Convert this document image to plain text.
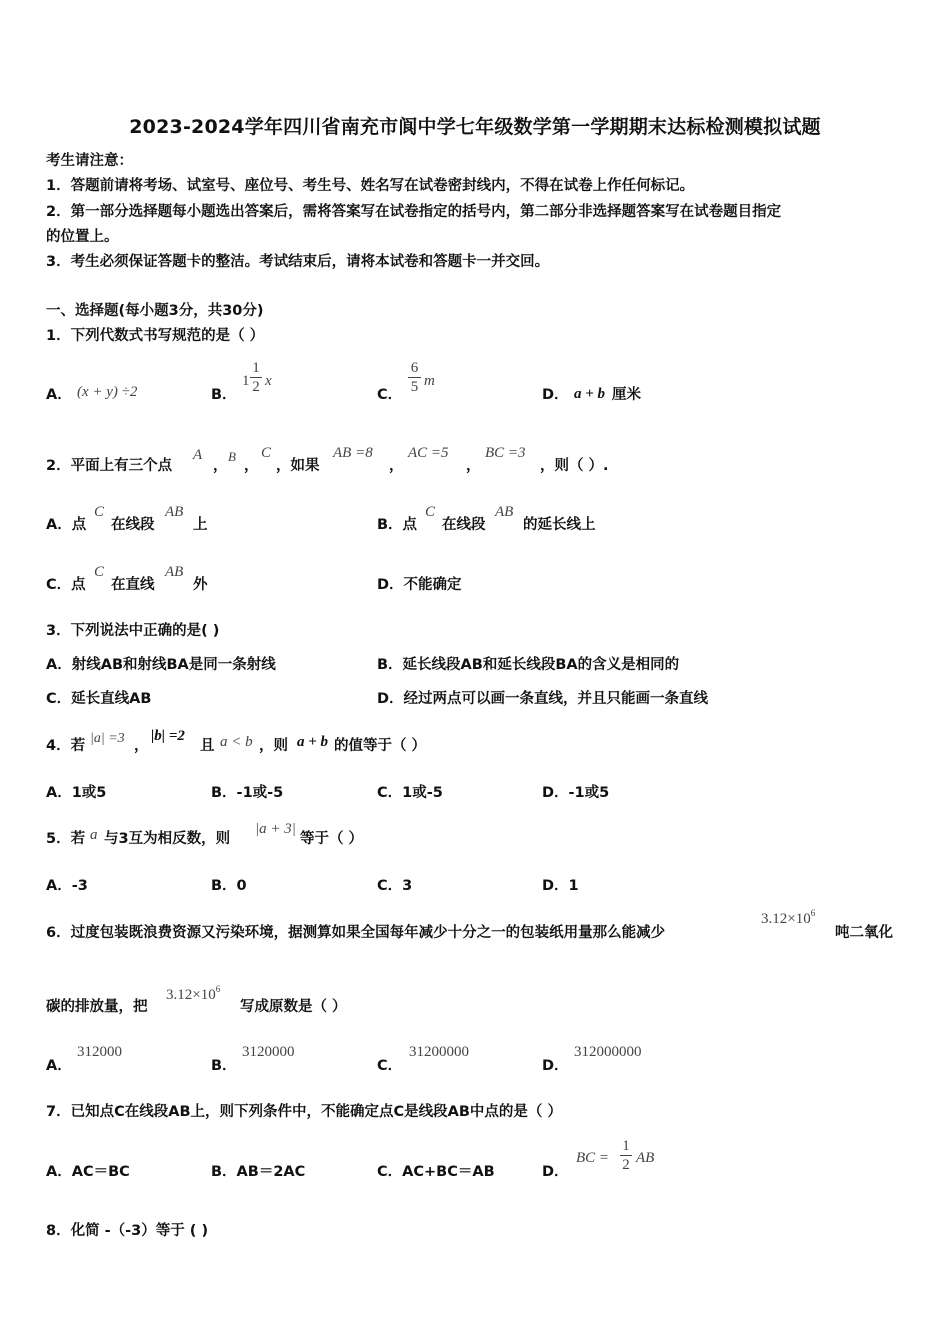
2023-2024学年四川省南充市阆中学七年级数学第一学期期末达标检测模拟试题
考生请注意：
1．答题前请将考场、试室号、座位号、考生号、姓名写在试卷密封线内，不得在试卷上作任何标记。
2．第一部分选择题每小题选出答案后，需将答案写在试卷指定的括号内，第二部分非选择题答案写在试卷题目指定
的位置上。
3．考生必须保证答题卡的整洁。考试结束后，请将本试卷和答题卡一并交回。
一、选择题(每小题3分，共30分)
1．下列代数式书写规范的是（ ）
A． (x + y) ÷2	B．
$1 \frac{1}{2}$ x
C． $\frac{6}{5}$ m
D． a + b 厘米
2．平面上有三个点
A
，
B
，
C
，如果
AB =8
，
AC =5
，
BC =3
，则（ ）.
A．点
C
在线段
AB
上	B．点
C
在线段
AB
的延长线上
C．点
C
在直线
AB
外	D．不能确定
3．下列说法中正确的是( )
A．射线AB和射线BA是同一条射线	B．延长线段AB和延长线段BA的含义是相同的
C．延长直线AB	D．经过两点可以画一条直线，并且只能画一条直线
4．若 |a| =3 ，
|b| =2
且 a < b ，则 a + b 的值等于（ ）
A．1或5	B．-1或-5	C．1或-5	D．-1或5
5．若 a 与3互为相反数，则
|a + 3|
等于（ ）
A．-3	B．0	C．3	D．1
6．过度包装既浪费资源又污染环境，据测算如果全国每年减少十分之一的包装纸用量那么能减少
$3.12\times 10^6$
吨二氧化
碳的排放量，把
$3.12\times 10^6$
写成原数是（ ）
A．
312000
B．
3120000
C．
31200000
D．
312000000
7．已知点C在线段AB上，则下列条件中，不能确定点C是线段AB中点的是（ ）
A．AC＝BC	B．AB＝2AC	C．AC+BC＝AB	D．
BC = $\frac{1}{2}$ AB
8．化简 -（-3）等于 ( )
